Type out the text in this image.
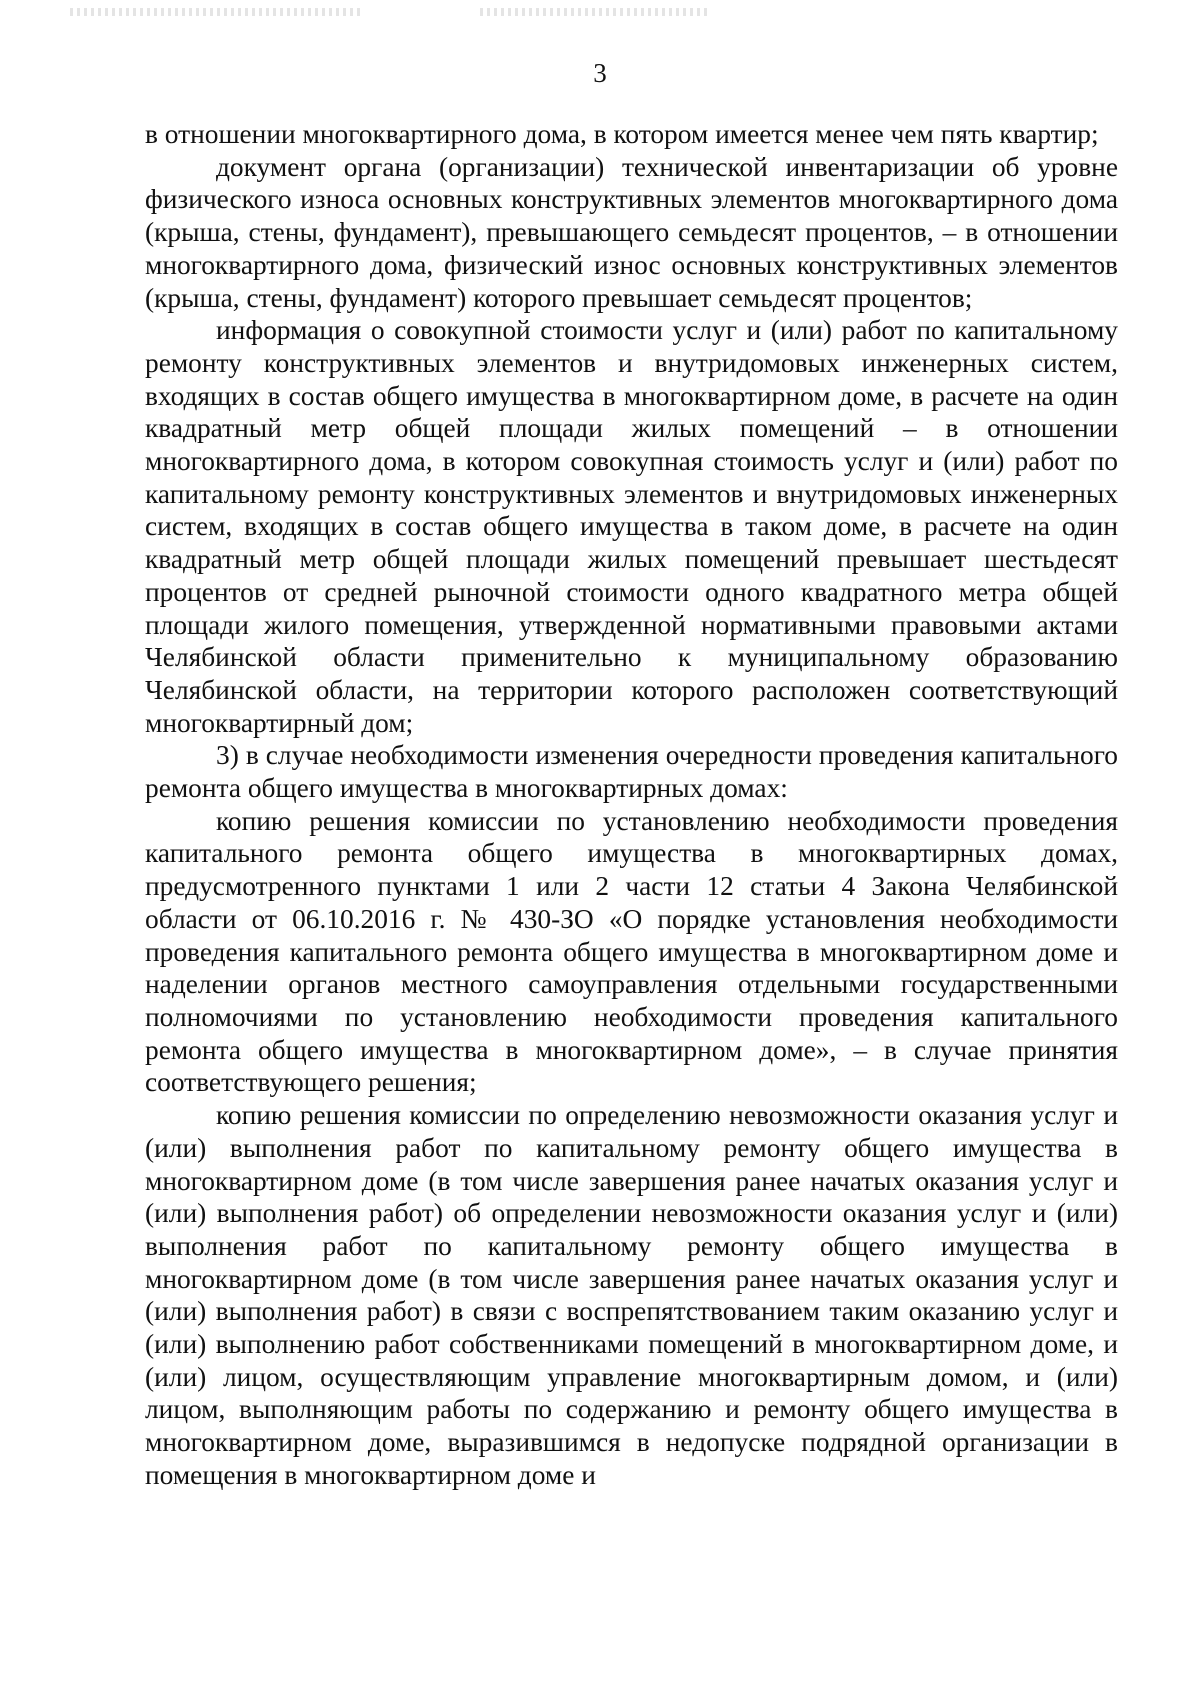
3

в отношении многоквартирного дома, в котором имеется менее чем пять квартир;

документ органа (организации) технической инвентаризации об уровне физического износа основных конструктивных элементов многоквартирного дома (крыша, стены, фундамент), превышающего семьдесят процентов, – в отношении многоквартирного дома, физический износ основных конструктивных элементов (крыша, стены, фундамент) которого превышает семьдесят процентов;

информация о совокупной стоимости услуг и (или) работ по капитальному ремонту конструктивных элементов и внутридомовых инженерных систем, входящих в состав общего имущества в многоквартирном доме, в расчете на один квадратный метр общей площади жилых помещений – в отношении многоквартирного дома, в котором совокупная стоимость услуг и (или) работ по капитальному ремонту конструктивных элементов и внутридомовых инженерных систем, входящих в состав общего имущества в таком доме, в расчете на один квадратный метр общей площади жилых помещений превышает шестьдесят процентов от средней рыночной стоимости одного квадратного метра общей площади жилого помещения, утвержденной нормативными правовыми актами Челябинской области применительно к муниципальному образованию Челябинской области, на территории которого расположен соответствующий многоквартирный дом;

3) в случае необходимости изменения очередности проведения капитального ремонта общего имущества в многоквартирных домах:

копию решения комиссии по установлению необходимости проведения капитального ремонта общего имущества в многоквартирных домах, предусмотренного пунктами 1 или 2 части 12 статьи 4 Закона Челябинской области от 06.10.2016 г. № 430-ЗО «О порядке установления необходимости проведения капитального ремонта общего имущества в многоквартирном доме и наделении органов местного самоуправления отдельными государственными полномочиями по установлению необходимости проведения капитального ремонта общего имущества в многоквартирном доме», – в случае принятия соответствующего решения;

копию решения комиссии по определению невозможности оказания услуг и (или) выполнения работ по капитальному ремонту общего имущества в многоквартирном доме (в том числе завершения ранее начатых оказания услуг и (или) выполнения работ) об определении невозможности оказания услуг и (или) выполнения работ по капитальному ремонту общего имущества в многоквартирном доме (в том числе завершения ранее начатых оказания услуг и (или) выполнения работ) в связи с воспрепятствованием таким оказанию услуг и (или) выполнению работ собственниками помещений в многоквартирном доме, и (или) лицом, осуществляющим управление многоквартирным домом, и (или) лицом, выполняющим работы по содержанию и ремонту общего имущества в многоквартирном доме, выразившимся в недопуске подрядной организации в помещения в многоквартирном доме и
